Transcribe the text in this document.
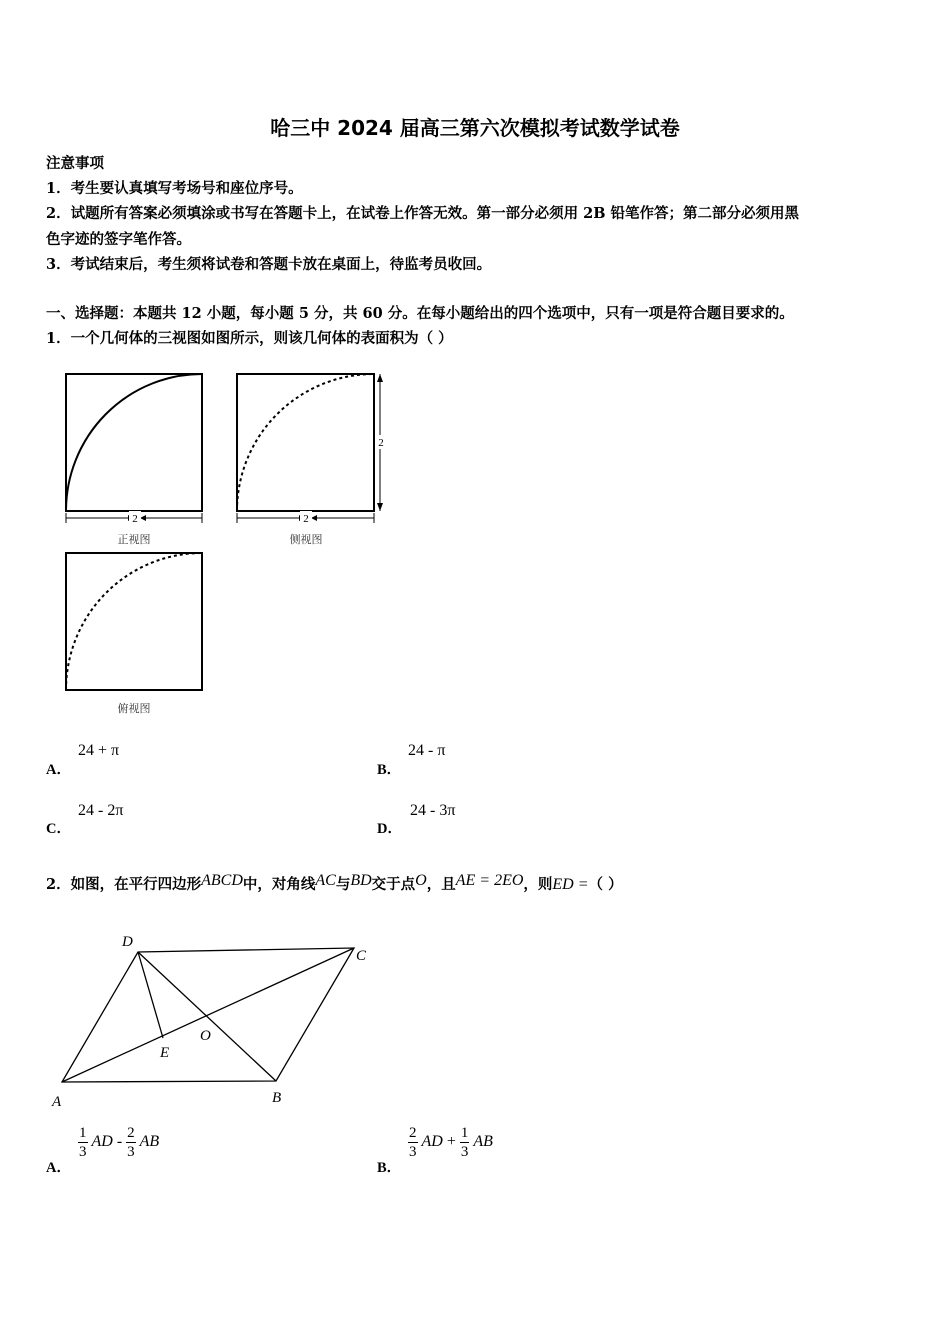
哈三中 2024 届高三第六次模拟考试数学试卷
注意事项
1．考生要认真填写考场号和座位序号。
2．试题所有答案必须填涂或书写在答题卡上，在试卷上作答无效。第一部分必须用 2B 铅笔作答；第二部分必须用黑
色字迹的签字笔作答。
3．考试结束后，考生须将试卷和答题卡放在桌面上，待监考员收回。
一、选择题：本题共 12 小题，每小题 5 分，共 60 分。在每小题给出的四个选项中，只有一项是符合题目要求的。
1．一个几何体的三视图如图所示，则该几何体的表面积为（ ）
2
正视图
2
2
侧视图
俯视图
A．
24 + π
B．
24 - π
C．
24 - 2π
D．
24 - 3π
2．如图，在平行四边形ABCD中，对角线AC与BD交于点O，且AE = 2EO，则ED =（ ）
D
C
A	B
E
O
A．
$\frac{1}{3}$ AD - $\frac{2}{3}$ AB
B．
$\frac{2}{3}$ AD + $\frac{1}{3}$ AB
